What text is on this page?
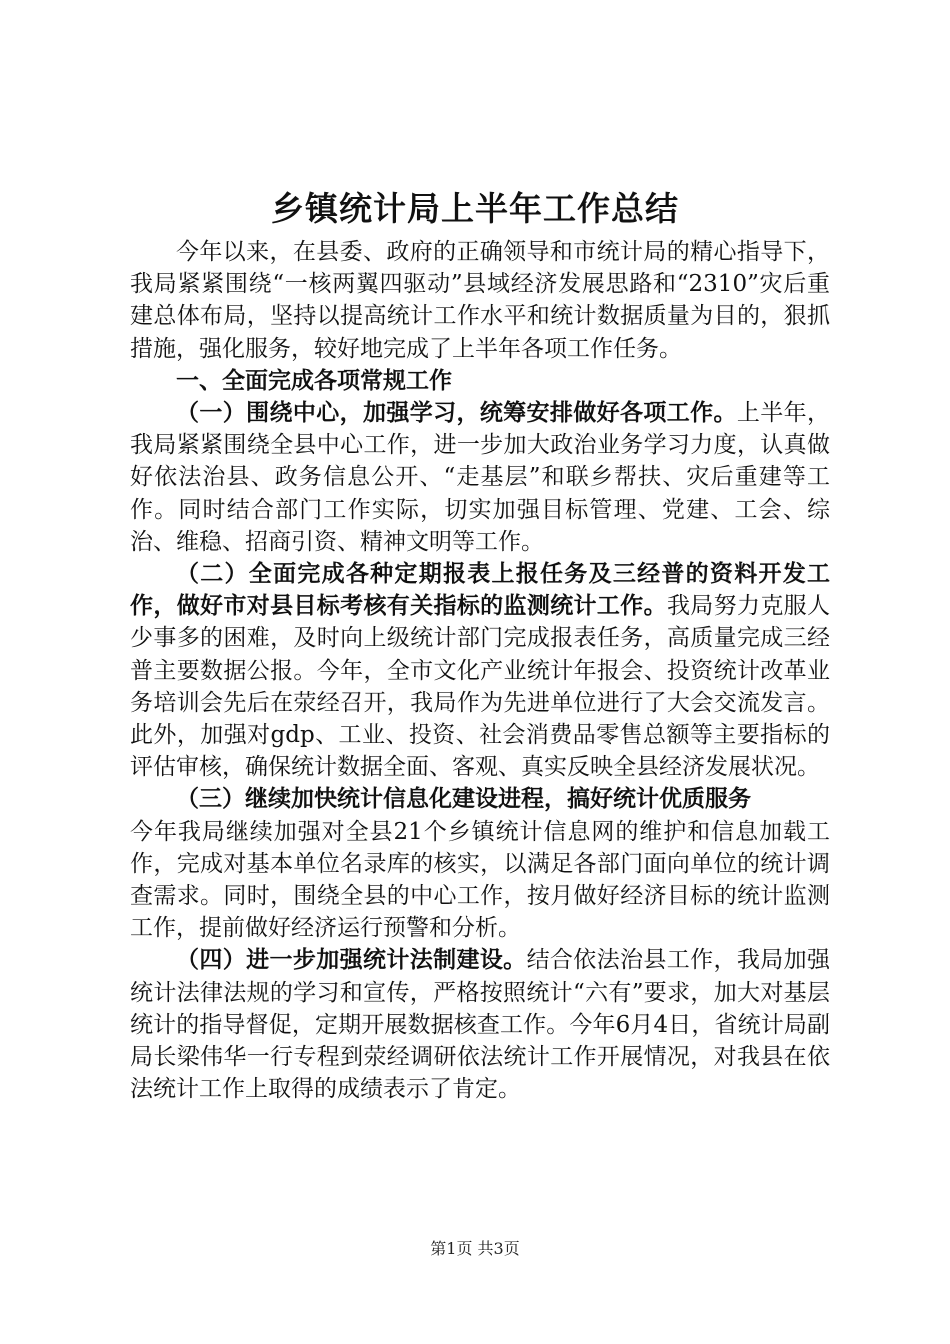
乡镇统计局上半年工作总结

今年以来，在县委、政府的正确领导和市统计局的精心指导下，我局紧紧围绕“一核两翼四驱动”县域经济发展思路和“2310”灾后重建总体布局，坚持以提高统计工作水平和统计数据质量为目的，狠抓措施，强化服务，较好地完成了上半年各项工作任务。

一、全面完成各项常规工作

（一）围绕中心，加强学习，统筹安排做好各项工作。上半年，我局紧紧围绕全县中心工作，进一步加大政治业务学习力度，认真做好依法治县、政务信息公开、“走基层”和联乡帮扶、灾后重建等工作。同时结合部门工作实际，切实加强目标管理、党建、工会、综治、维稳、招商引资、精神文明等工作。

（二）全面完成各种定期报表上报任务及三经普的资料开发工作，做好市对县目标考核有关指标的监测统计工作。我局努力克服人少事多的困难，及时向上级统计部门完成报表任务，高质量完成三经普主要数据公报。今年，全市文化产业统计年报会、投资统计改革业务培训会先后在荥经召开，我局作为先进单位进行了大会交流发言。此外，加强对gdp、工业、投资、社会消费品零售总额等主要指标的评估审核，确保统计数据全面、客观、真实反映全县经济发展状况。

（三）继续加快统计信息化建设进程，搞好统计优质服务
今年我局继续加强对全县21个乡镇统计信息网的维护和信息加载工作，完成对基本单位名录库的核实，以满足各部门面向单位的统计调查需求。同时，围绕全县的中心工作，按月做好经济目标的统计监测工作，提前做好经济运行预警和分析。

（四）进一步加强统计法制建设。结合依法治县工作，我局加强统计法律法规的学习和宣传，严格按照统计“六有”要求，加大对基层统计的指导督促，定期开展数据核查工作。今年6月4日，省统计局副局长梁伟华一行专程到荥经调研依法统计工作开展情况，对我县在依法统计工作上取得的成绩表示了肯定。

第1页 共3页
